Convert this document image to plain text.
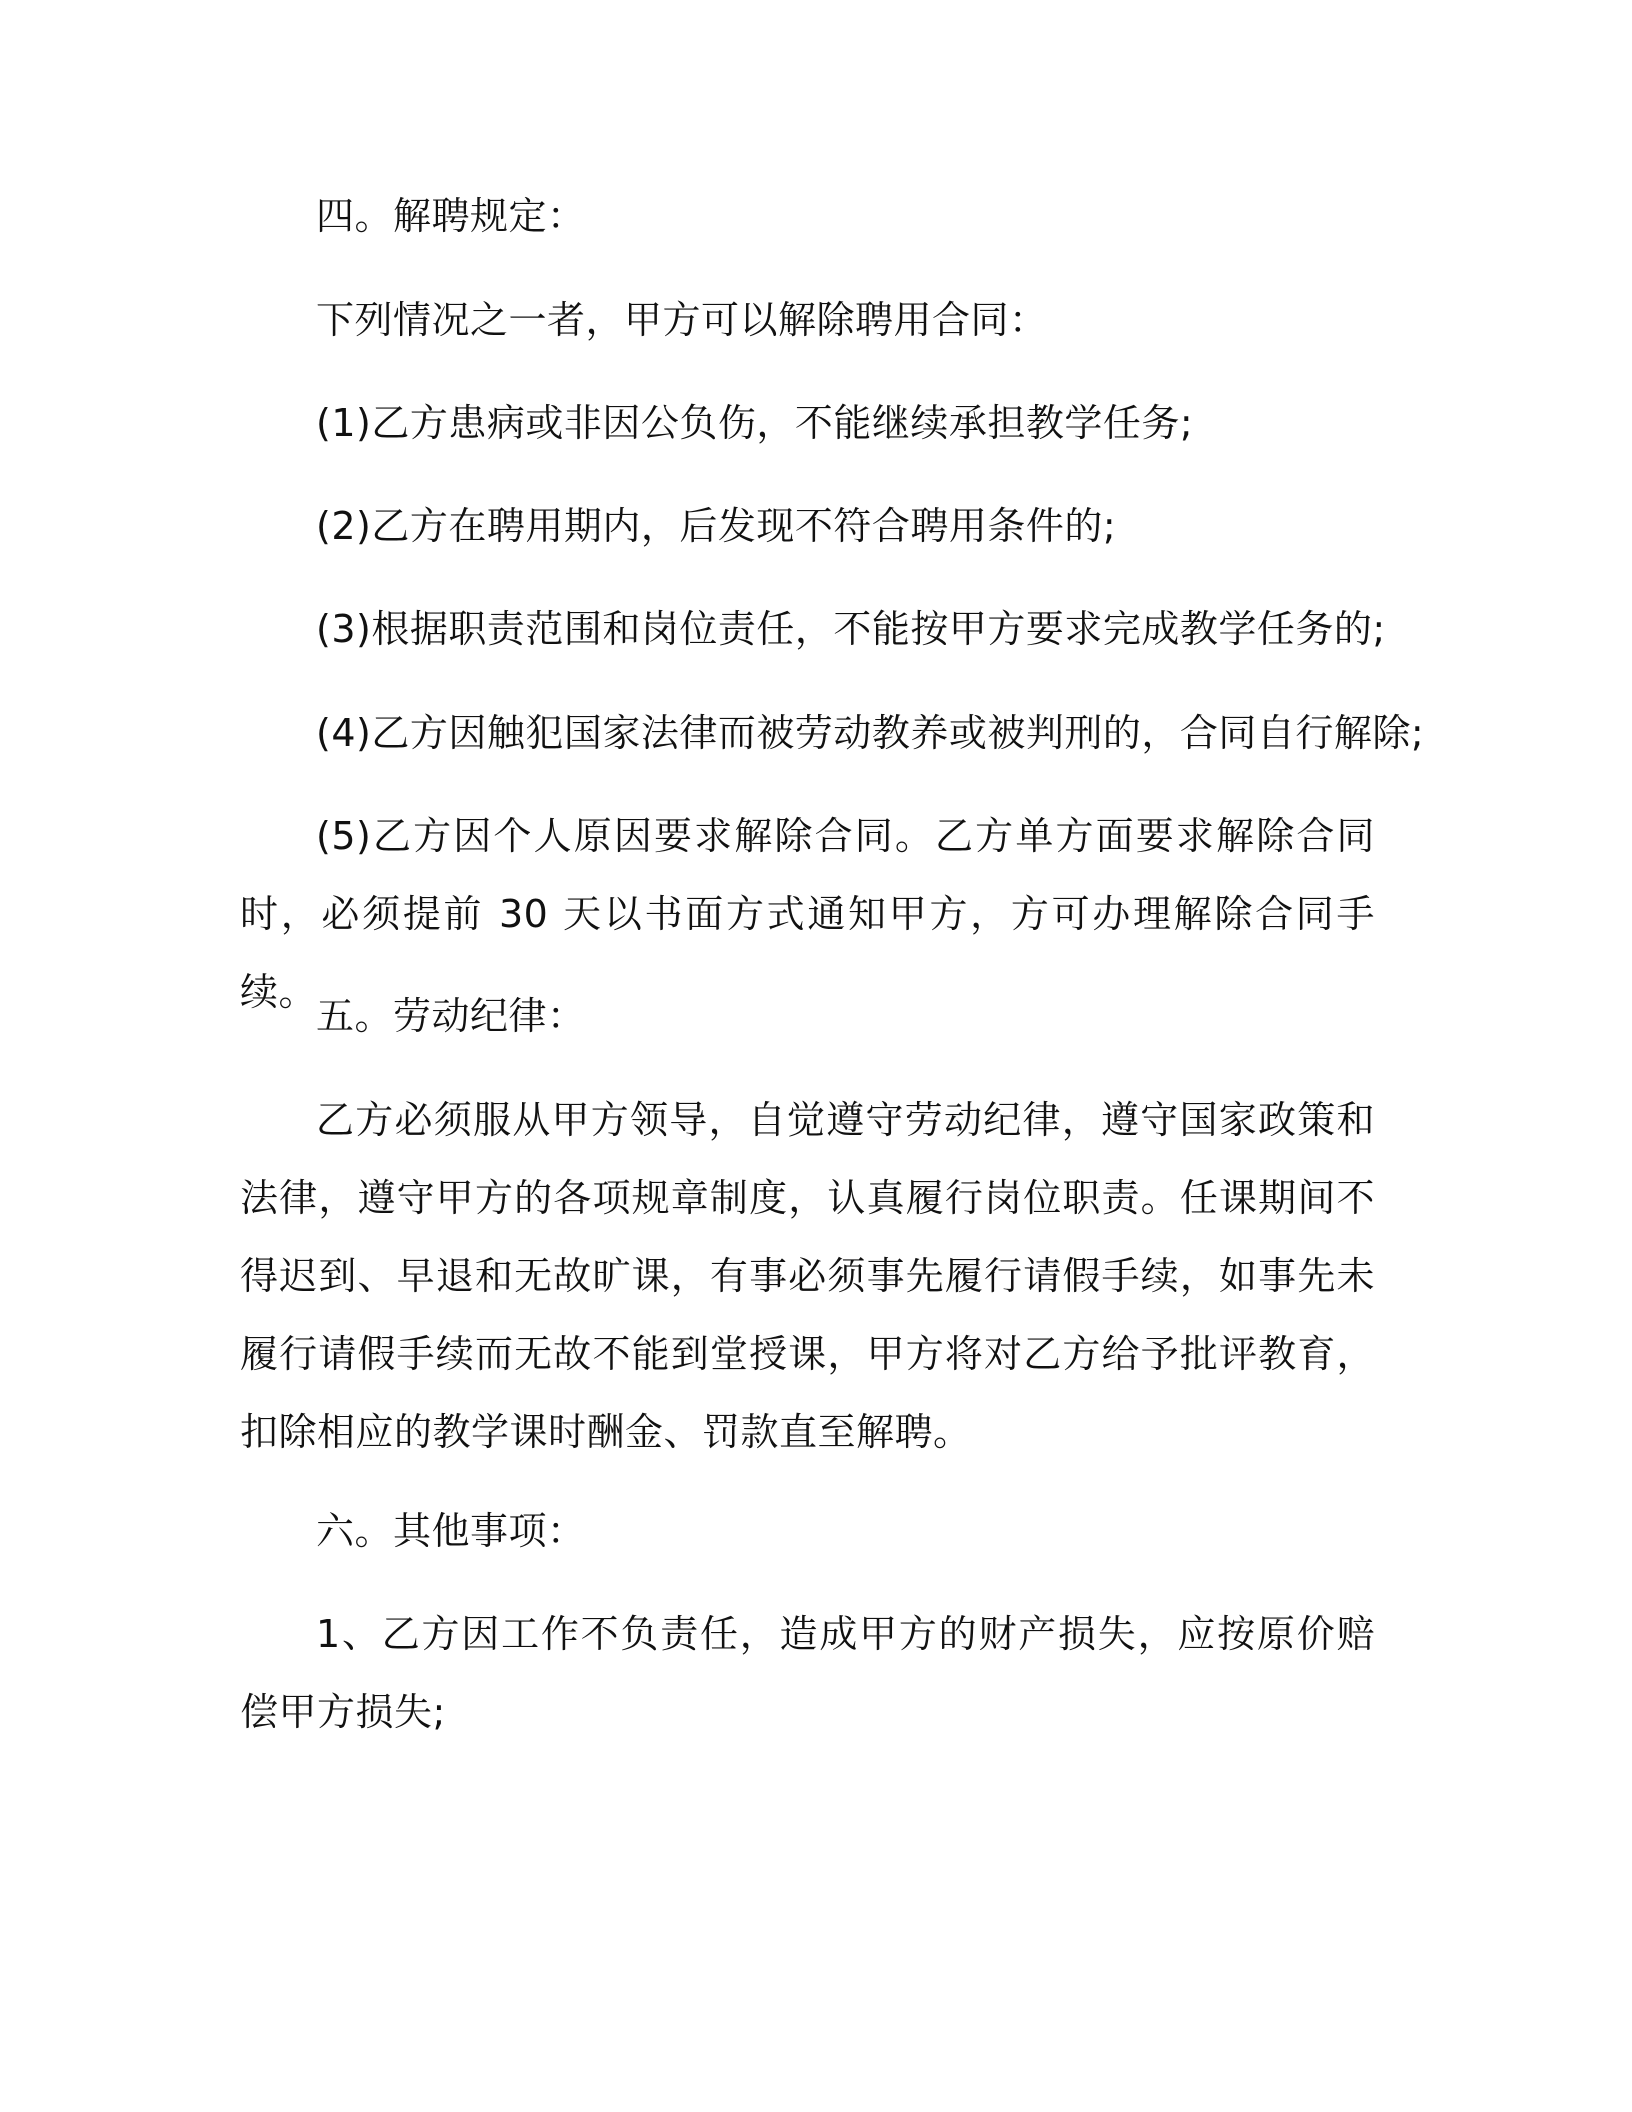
四。解聘规定：
下列情况之一者，甲方可以解除聘用合同：
(1)乙方患病或非因公负伤，不能继续承担教学任务;
(2)乙方在聘用期内，后发现不符合聘用条件的;
(3)根据职责范围和岗位责任，不能按甲方要求完成教学任务的;
(4)乙方因触犯国家法律而被劳动教养或被判刑的，合同自行解除;

(5)乙方因个人原因要求解除合同。乙方单方面要求解除合同时，必须提前 30 天以书面方式通知甲方，方可办理解除合同手续。

五。劳动纪律：

乙方必须服从甲方领导，自觉遵守劳动纪律，遵守国家政策和法律，遵守甲方的各项规章制度，认真履行岗位职责。任课期间不得迟到、早退和无故旷课，有事必须事先履行请假手续，如事先未履行请假手续而无故不能到堂授课，甲方将对乙方给予批评教育，扣除相应的教学课时酬金、罚款直至解聘。

六。其他事项：

1、乙方因工作不负责任，造成甲方的财产损失，应按原价赔偿甲方损失;
